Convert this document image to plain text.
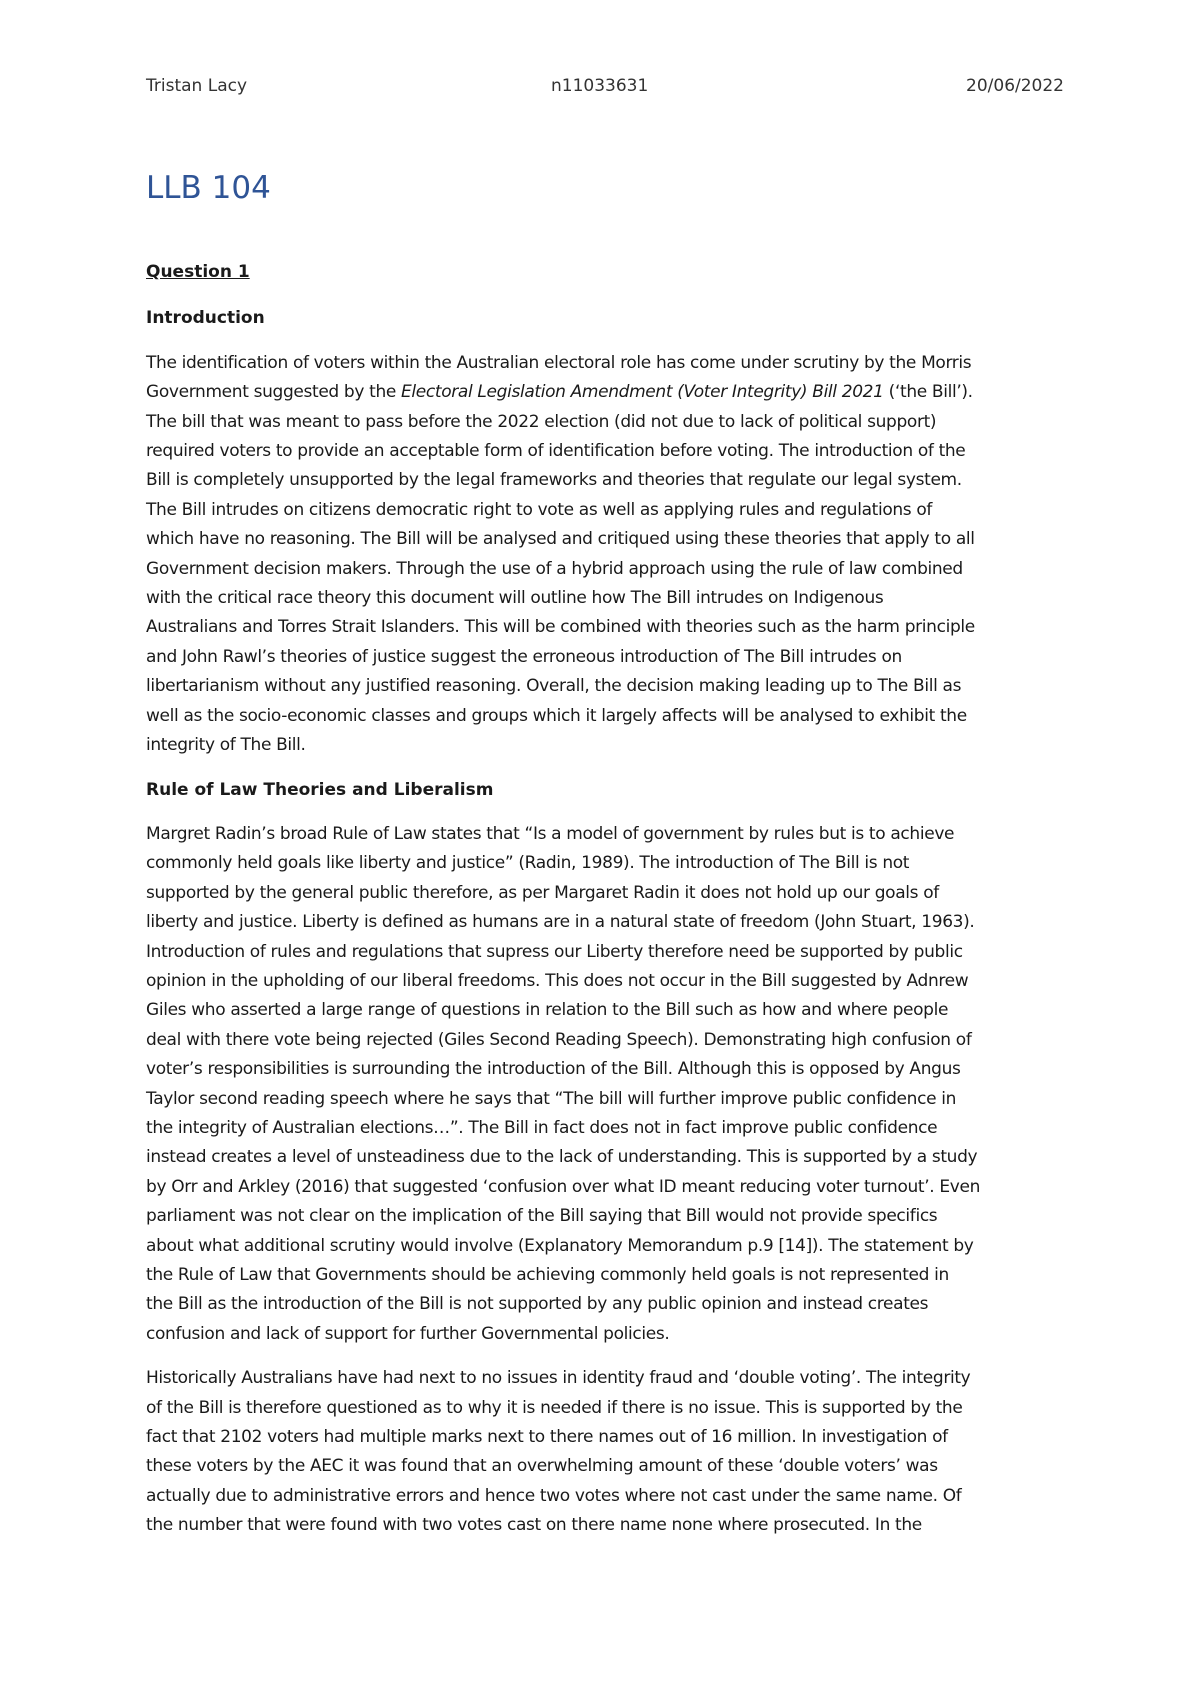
Tristan Lacy	n11033631	20/06/2022
LLB 104
Question 1
Introduction
The identification of voters within the Australian electoral role has come under scrutiny by the Morris
Government suggested by the Electoral Legislation Amendment (Voter Integrity) Bill 2021 (‘the Bill’).
The bill that was meant to pass before the 2022 election (did not due to lack of political support)
required voters to provide an acceptable form of identification before voting. The introduction of the
Bill is completely unsupported by the legal frameworks and theories that regulate our legal system.
The Bill intrudes on citizens democratic right to vote as well as applying rules and regulations of
which have no reasoning. The Bill will be analysed and critiqued using these theories that apply to all
Government decision makers. Through the use of a hybrid approach using the rule of law combined
with the critical race theory this document will outline how The Bill intrudes on Indigenous
Australians and Torres Strait Islanders. This will be combined with theories such as the harm principle
and John Rawl’s theories of justice suggest the erroneous introduction of The Bill intrudes on
libertarianism without any justified reasoning. Overall, the decision making leading up to The Bill as
well as the socio-economic classes and groups which it largely affects will be analysed to exhibit the
integrity of The Bill.
Rule of Law Theories and Liberalism
Margret Radin’s broad Rule of Law states that “Is a model of government by rules but is to achieve
commonly held goals like liberty and justice” (Radin, 1989). The introduction of The Bill is not
supported by the general public therefore, as per Margaret Radin it does not hold up our goals of
liberty and justice. Liberty is defined as humans are in a natural state of freedom (John Stuart, 1963).
Introduction of rules and regulations that supress our Liberty therefore need be supported by public
opinion in the upholding of our liberal freedoms. This does not occur in the Bill suggested by Adnrew
Giles who asserted a large range of questions in relation to the Bill such as how and where people
deal with there vote being rejected (Giles Second Reading Speech). Demonstrating high confusion of
voter’s responsibilities is surrounding the introduction of the Bill. Although this is opposed by Angus
Taylor second reading speech where he says that “The bill will further improve public confidence in
the integrity of Australian elections…”. The Bill in fact does not in fact improve public confidence
instead creates a level of unsteadiness due to the lack of understanding. This is supported by a study
by Orr and Arkley (2016) that suggested ‘confusion over what ID meant reducing voter turnout’. Even
parliament was not clear on the implication of the Bill saying that Bill would not provide specifics
about what additional scrutiny would involve (Explanatory Memorandum p.9 [14]). The statement by
the Rule of Law that Governments should be achieving commonly held goals is not represented in
the Bill as the introduction of the Bill is not supported by any public opinion and instead creates
confusion and lack of support for further Governmental policies.
Historically Australians have had next to no issues in identity fraud and ‘double voting’. The integrity
of the Bill is therefore questioned as to why it is needed if there is no issue. This is supported by the
fact that 2102 voters had multiple marks next to there names out of 16 million. In investigation of
these voters by the AEC it was found that an overwhelming amount of these ‘double voters’ was
actually due to administrative errors and hence two votes where not cast under the same name. Of
the number that were found with two votes cast on there name none where prosecuted. In the
